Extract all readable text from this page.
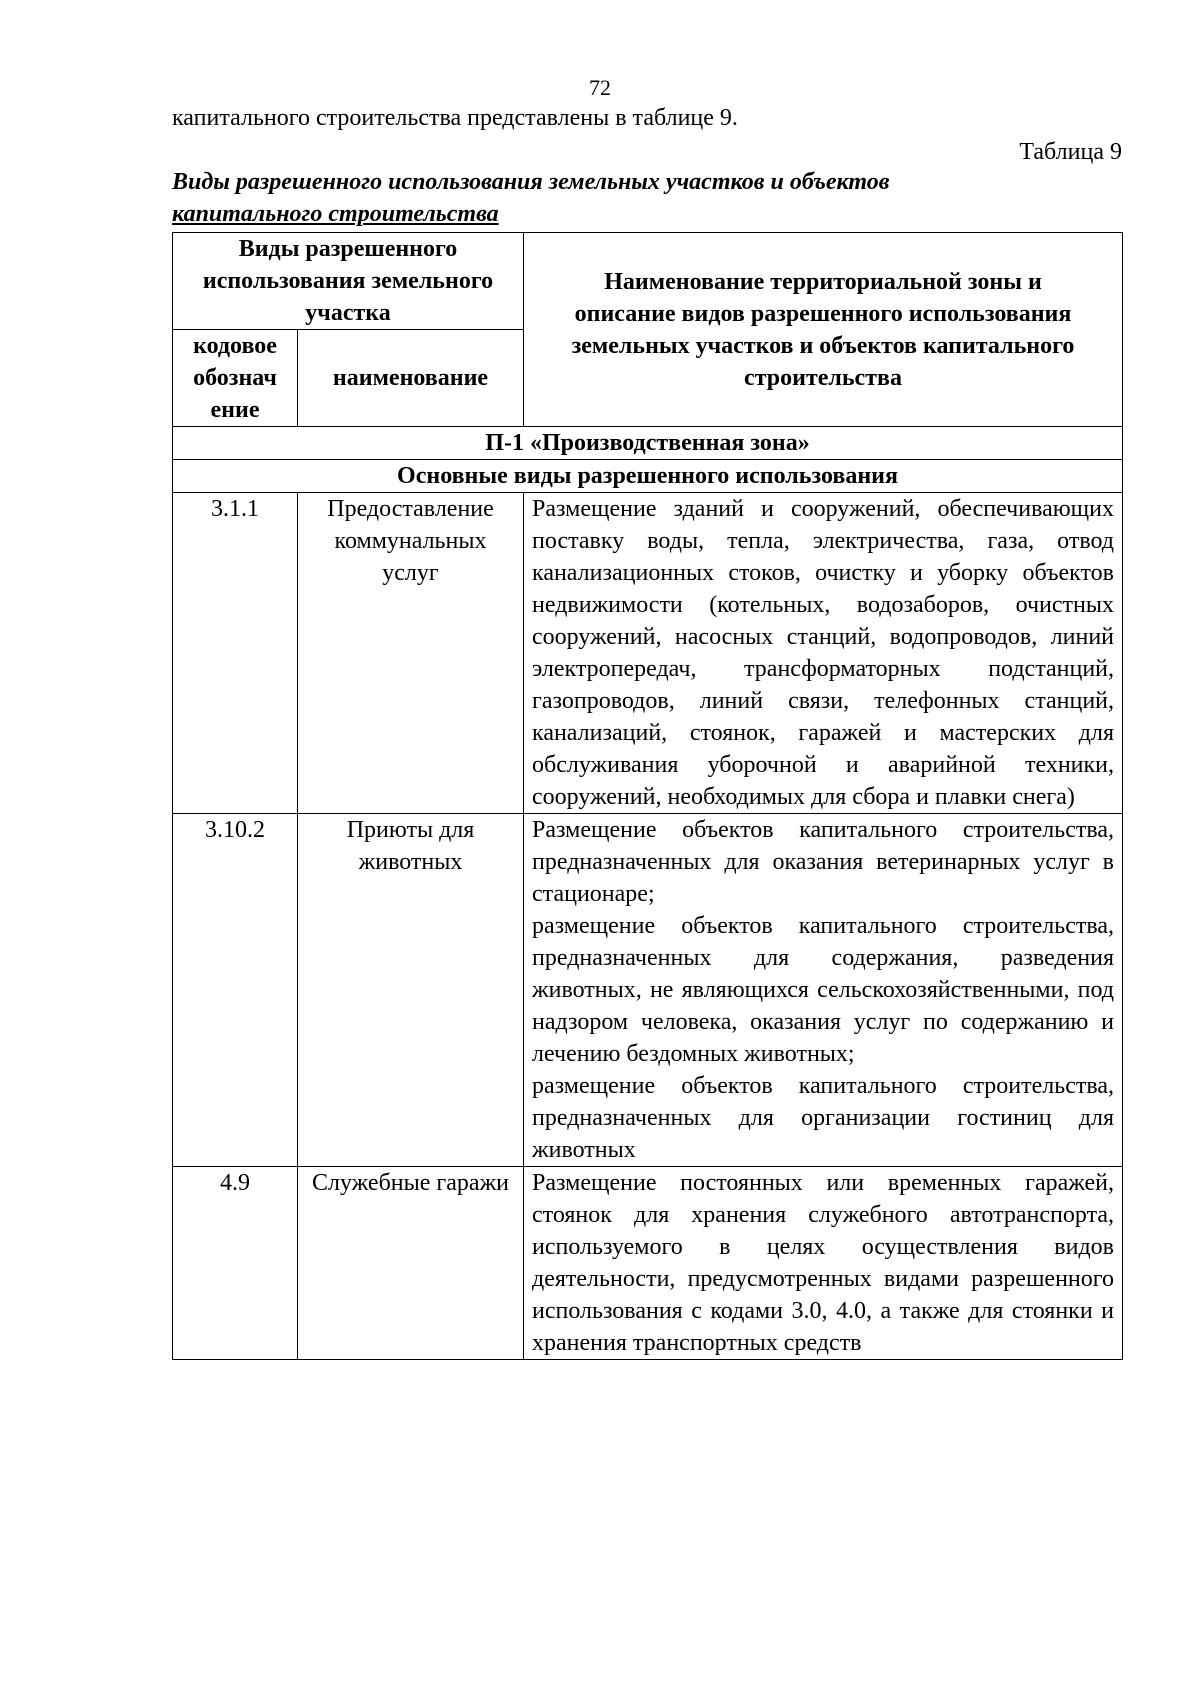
72
капитального строительства представлены в таблице 9.
Таблица 9
Виды разрешенного использования земельных участков и объектов
капитального строительства
Виды разрешенного использования земельного участка		Наименование территориальной зоны и описание видов разрешенного использования земельных участков и объектов капитального строительства
кодовое обознач ение	наименование	
П-1 «Производственная зона»		
Основные виды разрешенного использования		
3.1.1	Предоставление коммунальных услуг	Размещение зданий и сооружений, обеспечивающих поставку воды, тепла, электричества, газа, отвод канализационных стоков, очистку и уборку объектов недвижимости (котельных, водозаборов, очистных сооружений, насосных станций, водопроводов, линий электропередач, трансформаторных подстанций, газопроводов, линий связи, телефонных станций, канализаций, стоянок, гаражей и мастерских для обслуживания уборочной и аварийной техники, сооружений, необходимых для сбора и плавки снега)

3.10.2	Приюты для животных	Размещение объектов капитального строительства, предназначенных для оказания ветеринарных услуг в стационаре;

размещение объектов капитального строительства, предназначенных для содержания, разведения животных, не являющихся сельскохозяйственными, под надзором человека, оказания услуг по содержанию и лечению бездомных животных;

размещение объектов капитального строительства, предназначенных для организации гостиниц для животных

4.9	Служебные гаражи	Размещение постоянных или временных гаражей, стоянок для хранения служебного автотранспорта, используемого в целях осуществления видов деятельности, предусмотренных видами разрешенного использования с кодами 3.0, 4.0, а также для стоянки и хранения транспортных средств
